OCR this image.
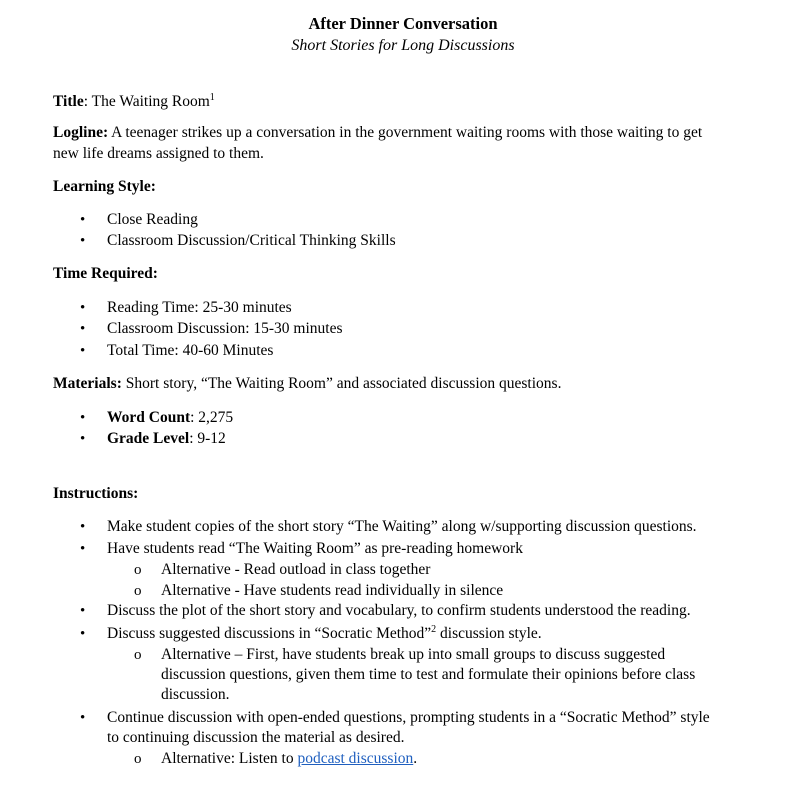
After Dinner Conversation
Short Stories for Long Discussions
Title: The Waiting Room$^1$
Logline: A teenager strikes up a conversation in the government waiting rooms with those waiting to get
new life dreams assigned to them.
Learning Style:
• Close Reading
• Classroom Discussion/Critical Thinking Skills
Time Required:
• Reading Time: 25-30 minutes
• Classroom Discussion: 15-30 minutes
• Total Time: 40-60 Minutes
Materials: Short story, “The Waiting Room” and associated discussion questions.
• Word Count: 2,275
• Grade Level: 9-12
Instructions:
• Make student copies of the short story “The Waiting” along w/supporting discussion questions.
• Have students read “The Waiting Room” as pre-reading homework
o Alternative - Read outload in class together
o Alternative - Have students read individually in silence
• Discuss the plot of the short story and vocabulary, to confirm students understood the reading.
• Discuss suggested discussions in “Socratic Method”$^2$ discussion style.
o Alternative – First, have students break up into small groups to discuss suggested
discussion questions, given them time to test and formulate their opinions before class
discussion.
• Continue discussion with open-ended questions, prompting students in a “Socratic Method” style
to continuing discussion the material as desired.
o Alternative: Listen to podcast discussion.
